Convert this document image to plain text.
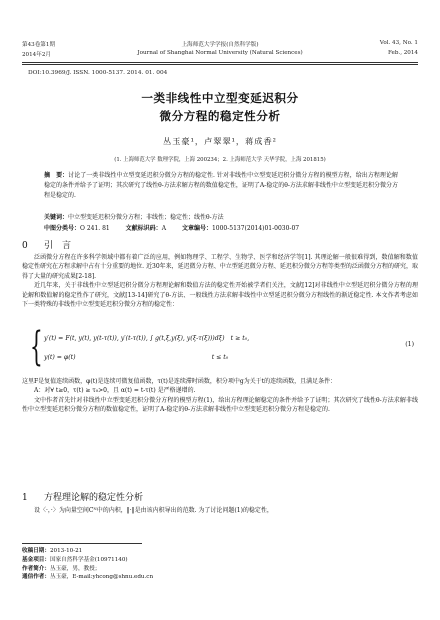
第43卷第1期	上海师范大学学报(自然科学版)	Vol. 43, No. 1
2014年2月	Journal of Shanghai Normal University (Natural Sciences)	Feb., 2014
DOI:10.3969/J. ISSN. 1000-5137. 2014. 01. 004
一类非线性中立型变延迟积分
微分方程的稳定性分析
丛玉豪¹，卢翠翠¹，蒋成香²
(1. 上海师范大学 数理学院，上海 200234；2. 上海师范大学 天华学院，上海 201815)
摘　要：讨论了一类非线性中立型变延迟积分微分方程的稳定性. 针对非线性中立型变延迟积分微分方程的模型方程，给出方程理论解稳定的条件并给予了证明；其次研究了线性θ-方法求解方程的数值稳定性，证明了A-稳定的θ-方法求解非线性中立型变延迟积分微分方程是稳定的.
关键词：中立型变延迟积分微分方程；非线性；稳定性；线性θ-方法
中图分类号：O 241. 81	文献标识码：A	文章编号：1000-5137(2014)01-0030-07
0 引　言

泛函微分方程在许多科学领域中都有着广泛的应用，例如物理学、工程学、生物学、医学和经济学等[1]. 其理论解一般很难得到，数值解和数值稳定性研究在方程求解中占有十分重要的地位. 近30年来，延迟微分方程、中立型延迟微分方程、延迟积分微分方程等类型的泛函微分方程的研究，取得了大量的研究成果[2-18].

近几年来，关于非线性中立型延迟积分微分方程理论解和数值方法的稳定性开始被学者们关注，文献[12]对非线性中立型延迟积分微分方程的理论解和数值解的稳定性作了研究，文献[13-14]研究了θ-方法、一般线性方法求解非线性中立型延迟积分微分方程线性的渐近稳定性. 本文作者考虑如下一类特殊的非线性中立型变延迟积分微分方程的稳定性：

{ y′(t) = F(t, y(t), y(t-τ(t)), y′(t-τ(t)), ∫ g(t,ξ,y(ξ), y(ξ-τ(ξ)))dξ)　t ≥ t₀,
y(t) = φ(t)　　　　　　　　　　　　　　　　　　　　　　t ≤ t₀
(1)

这里F是复值连续函数，φ(t)是连续可微复值函数，τ(t)是连续滞时函数，积分项中g为关于t的连续函数，且满足条件：

A：对∀ t≥0，τ(t) ≥ τ₀>0，且 α(t) = t-τ(t) 是严格递增的.

文中作者首先针对非线性中立型变延迟积分微分方程的模型方程(1)，给出方程理论解稳定的条件并给予了证明；其次研究了线性θ-方法求解非线性中立型变延迟积分微分方程的数值稳定性，证明了A-稳定的θ-方法求解非线性中立型变延迟积分微分方程是稳定的.

1 方程理论解的稳定性分析

设〈·，·〉为向量空间Cᴺ中的内积，‖·‖是由该内积导出的范数. 为了讨论问题(1)的稳定性，

收稿日期：2013-10-21
基金项目：国家自然科学基金(10971140)
作者简介：丛玉豪，男，教授；
通信作者：丛玉豪，E-mail:yhcong@shnu.edu.cn
